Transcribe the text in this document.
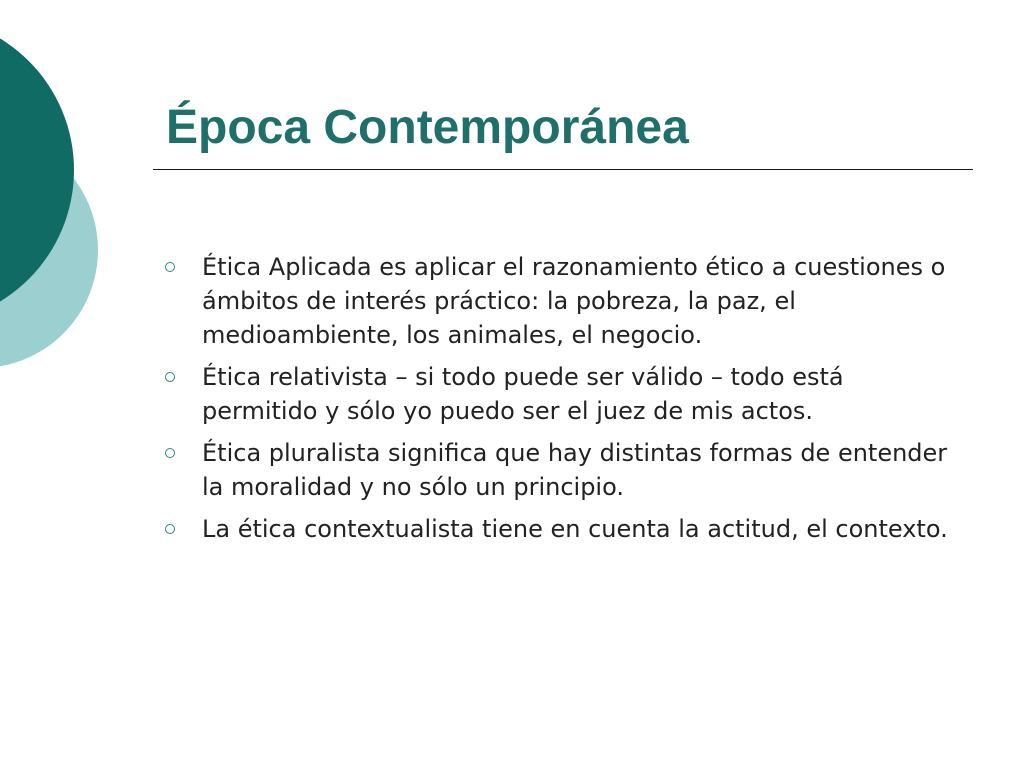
Época Contemporánea
Ética Aplicada es aplicar el razonamiento ético a cuestiones o ámbitos de interés práctico: la pobreza, la paz, el medioambiente, los animales, el negocio.
Ética relativista – si todo puede ser válido – todo está permitido y sólo yo puedo ser el juez de mis actos.
Ética pluralista significa que hay distintas formas de entender la moralidad y no sólo un principio.
La ética contextualista tiene en cuenta la actitud, el contexto.
